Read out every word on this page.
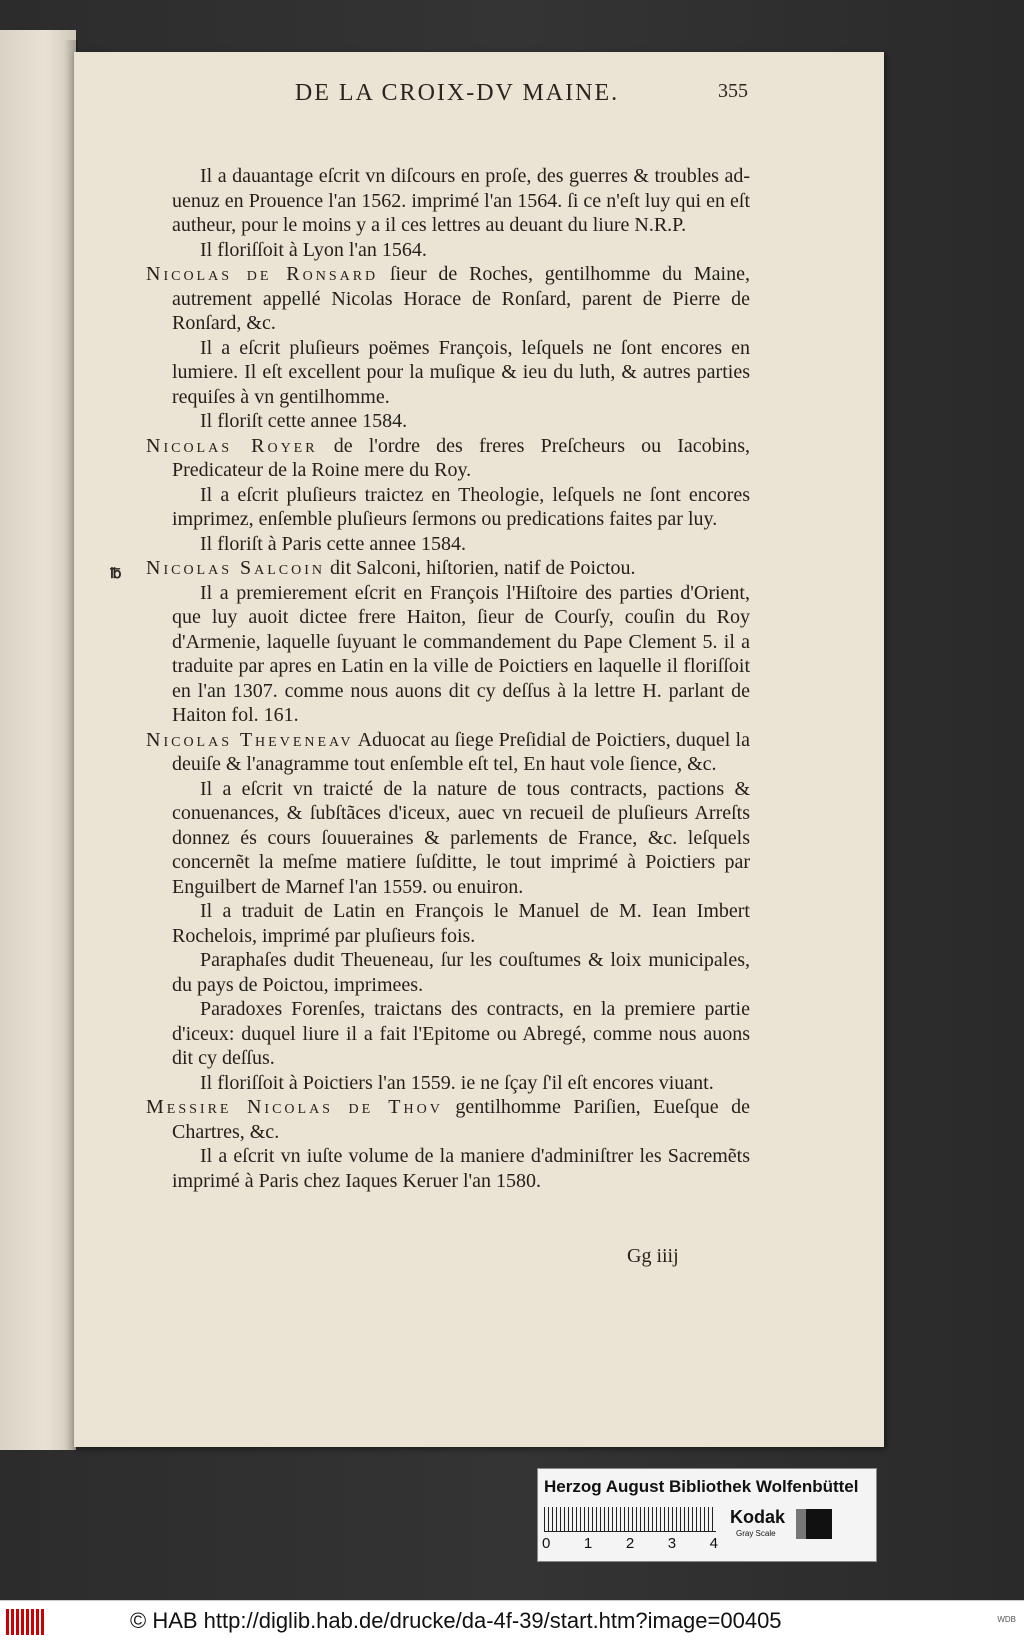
DE LA CROIX-DV MAINE.	355
℔

Il a dauantage eſcrit vn diſcours en proſe, des guerres & troubles ad-uenuz en Prouence l'an 1562. imprimé l'an 1564. ſi ce n'eſt luy qui en eſt autheur, pour le moins y a il ces lettres au deuant du liure N.R.P.

Il floriſſoit à Lyon l'an 1564.

Nicolas de Ronsard ſieur de Roches, gentilhomme du Maine, autrement appellé Nicolas Horace de Ronſard, parent de Pierre de Ronſard, &c.

Il a eſcrit pluſieurs poëmes François, leſquels ne ſont encores en lumiere. Il eſt excellent pour la muſique & ieu du luth, & autres parties requiſes à vn gentilhomme.

Il floriſt cette annee 1584.

Nicolas Royer de l'ordre des freres Preſcheurs ou Iacobins, Predicateur de la Roine mere du Roy.

Il a eſcrit pluſieurs traictez en Theologie, leſquels ne ſont encores imprimez, enſemble pluſieurs ſermons ou predications faites par luy.

Il floriſt à Paris cette annee 1584.

Nicolas Salcoin dit Salconi, hiſtorien, natif de Poictou.

Il a premierement eſcrit en François l'Hiſtoire des parties d'Orient, que luy auoit dictee frere Haiton, ſieur de Courſy, couſin du Roy d'Armenie, laquelle ſuyuant le commandement du Pape Clement 5. il a traduite par apres en Latin en la ville de Poictiers en laquelle il floriſſoit en l'an 1307. comme nous auons dit cy deſſus à la lettre H. parlant de Haiton fol. 161.

Nicolas Theveneav Aduocat au ſiege Preſidial de Poictiers, duquel la deuiſe & l'anagramme tout enſemble eſt tel, En haut vole ſience, &c.

Il a eſcrit vn traicté de la nature de tous contracts, pactions & conuenances, & ſubſtãces d'iceux, auec vn recueil de pluſieurs Arreſts donnez és cours ſouueraines & parlements de France, &c. leſquels concernẽt la meſme matiere ſuſditte, le tout imprimé à Poictiers par Enguilbert de Marnef l'an 1559. ou enuiron.

Il a traduit de Latin en François le Manuel de M. Iean Imbert Rochelois, imprimé par pluſieurs fois.

Paraphaſes dudit Theueneau, ſur les couſtumes & loix municipales, du pays de Poictou, imprimees.

Paradoxes Forenſes, traictans des contracts, en la premiere partie d'iceux: duquel liure il a fait l'Epitome ou Abregé, comme nous auons dit cy deſſus.

Il floriſſoit à Poictiers l'an 1559. ie ne ſçay ſ'il eſt encores viuant.

Meſſire Nicolas de Thov gentilhomme Pariſien, Eueſque de Chartres, &c.

Il a eſcrit vn iuſte volume de la maniere d'adminiſtrer les Sacremẽts imprimé à Paris chez Iaques Keruer l'an 1580.

Gg iiij
Herzog August Bibliothek Wolfenbüttel
0 1 2 3 4
Kodak
Gray Scale
© HAB http://diglib.hab.de/drucke/da-4f-39/start.htm?image=00405	WDB
